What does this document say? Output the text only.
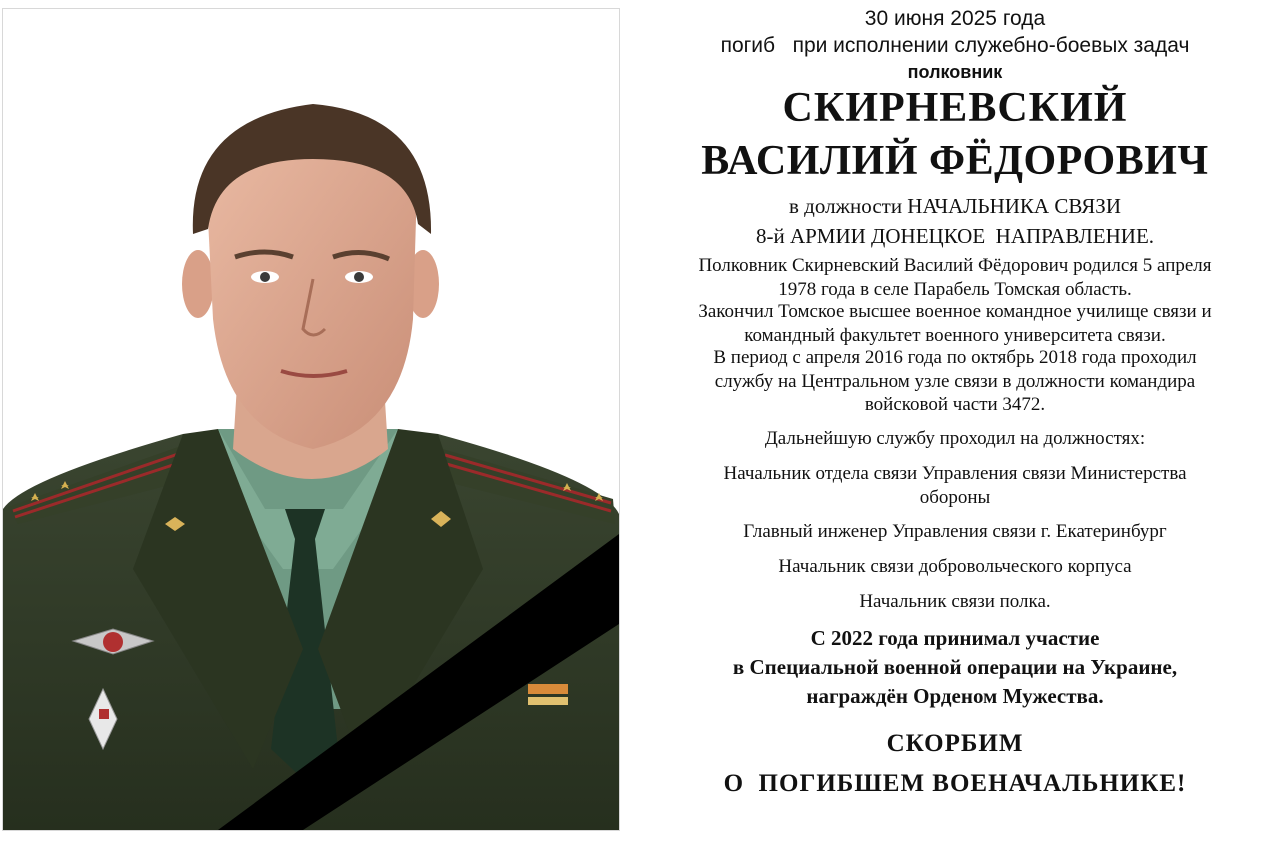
30 июня 2025 года
погиб   при исполнении служебно-боевых задач
полковник
СКИРНЕВСКИЙ
ВАСИЛИЙ ФЁДОРОВИЧ
в должности НАЧАЛЬНИКА СВЯЗИ
8-й АРМИИ ДОНЕЦКОЕ  НАПРАВЛЕНИЕ.
Полковник Скирневский Василий Фёдорович родился 5 апреля
1978 года в селе Парабель Томская область.
Закончил Томское высшее военное командное училище связи и
командный факультет военного университета связи.
В период с апреля 2016 года по октябрь 2018 года проходил
службу на Центральном узле связи в должности командира
войсковой части 3472.
Дальнейшую службу проходил на должностях:
Начальник отдела связи Управления связи Министерства
обороны
Главный инженер Управления связи г. Екатеринбург
Начальник связи добровольческого корпуса
Начальник связи полка.
С 2022 года принимал участие
в Специальной военной операции на Украине,
награждён Орденом Мужества.
СКОРБИМ
О  ПОГИБШЕМ ВОЕНАЧАЛЬНИКЕ!
